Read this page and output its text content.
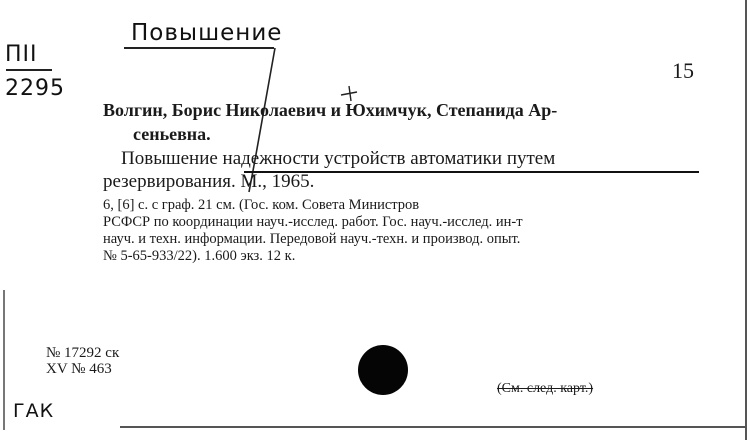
Повышение
ПII
2295
15
Волгин, Борис Николаевич и Юхимчук, Степанида Ар-
сеньевна.
Повышение надежности устройств автоматики путем
резервирования. М., 1965.
6, [6] с. с граф. 21 см. (Гос. ком. Совета Министров
РСФСР по координации науч.-исслед. работ. Гос. науч.-исслед. ин-т
науч. и техн. информации. Передовой науч.-техн. и производ. опыт.
№ 5-65-933/22). 1.600 экз. 12 к.
№ 17292 ск
XV № 463
(См. след. карт.)
ГАК
